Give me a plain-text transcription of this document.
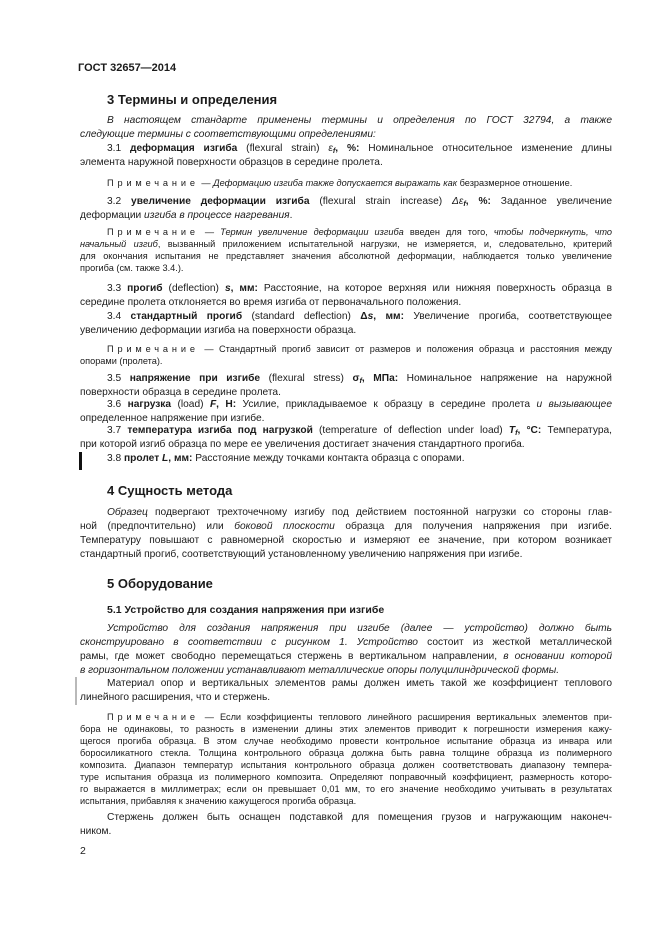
ГОСТ 32657—2014
3 Термины и определения
В настоящем стандарте применены термины и определения по ГОСТ 32794, а также
следующие термины с соответствующими определениями:
3.1 деформация изгиба (flexural strain) $\varepsilon_f$, %: Номинальное относительное изменение длины
элемента наружной поверхности образцов в середине пролета.
Примечание — Деформацию изгиба также допускается выражать как безразмерное отношение.
3.2 увеличение деформации изгиба (flexural strain increase) $\Delta\varepsilon_f$, %: Заданное увеличение
деформации изгиба в процессе нагревания.
Примечание — Термин увеличение деформации изгиба введен для того, чтобы подчеркнуть, что
начальный изгиб, вызванный приложением испытательной нагрузки, не измеряется, и, следовательно, критерий
для окончания испытания не представляет значения абсолютной деформации, наблюдается только увеличение
прогиба (см. также 3.4.).
3.3 прогиб (deflection) s, мм: Расстояние, на которое верхняя или нижняя поверхность образца в
середине пролета отклоняется во время изгиба от первоначального положения.
3.4 стандартный прогиб (standard deflection) Δs, мм: Увеличение прогиба, соответствующее
увеличению деформации изгиба на поверхности образца.
Примечание — Стандартный прогиб зависит от размеров и положения образца и расстояния между
опорами (пролета).
3.5 напряжение при изгибе (flexural stress) $\sigma_f$, МПа: Номинальное напряжение на наружной
поверхности образца в середине пролета.
3.6 нагрузка (load) F, Н: Усилие, прикладываемое к образцу в середине пролета и вызывающее
определенное напряжение при изгибе.
3.7 температура изгиба под нагрузкой (temperature of deflection under load) $T_f$, °С: Температура,
при которой изгиб образца по мере ее увеличения достигает значения стандартного прогиба.
3.8 пролет L, мм: Расстояние между точками контакта образца с опорами.
4 Сущность метода
Образец подвергают трехточечному изгибу под действием постоянной нагрузки со стороны глав-
ной (предпочтительно) или боковой плоскости образца для получения напряжения при изгибе.
Температуру повышают с равномерной скоростью и измеряют ее значение, при котором возникает
стандартный прогиб, соответствующий установленному увеличению напряжения при изгибе.
5 Оборудование
5.1 Устройство для создания напряжения при изгибе
Устройство для создания напряжения при изгибе (далее — устройство) должно быть
сконструировано в соответствии с рисунком 1. Устройство состоит из жесткой металлической
рамы, где может свободно перемещаться стержень в вертикальном направлении, в основании которой
в горизонтальном положении устанавливают металлические опоры полуцилиндрической формы.
Материал опор и вертикальных элементов рамы должен иметь такой же коэффициент теплового
линейного расширения, что и стержень.
Примечание — Если коэффициенты теплового линейного расширения вертикальных элементов при-
бора не одинаковы, то разность в изменении длины этих элементов приводит к погрешности измерения кажу-
щегося прогиба образца. В этом случае необходимо провести контрольное испытание образца из инвара или
боросиликатного стекла. Толщина контрольного образца должна быть равна толщине образца из полимерного
композита. Диапазон температур испытания контрольного образца должен соответствовать диапазону темпера-
туре испытания образца из полимерного композита. Определяют поправочный коэффициент, размерность которо-
го выражается в миллиметрах; если он превышает 0,01 мм, то его значение необходимо учитывать в результатах
испытания, прибавляя к значению кажущегося прогиба образца.
Стержень должен быть оснащен подставкой для помещения грузов и нагружающим наконеч-
ником.
2
